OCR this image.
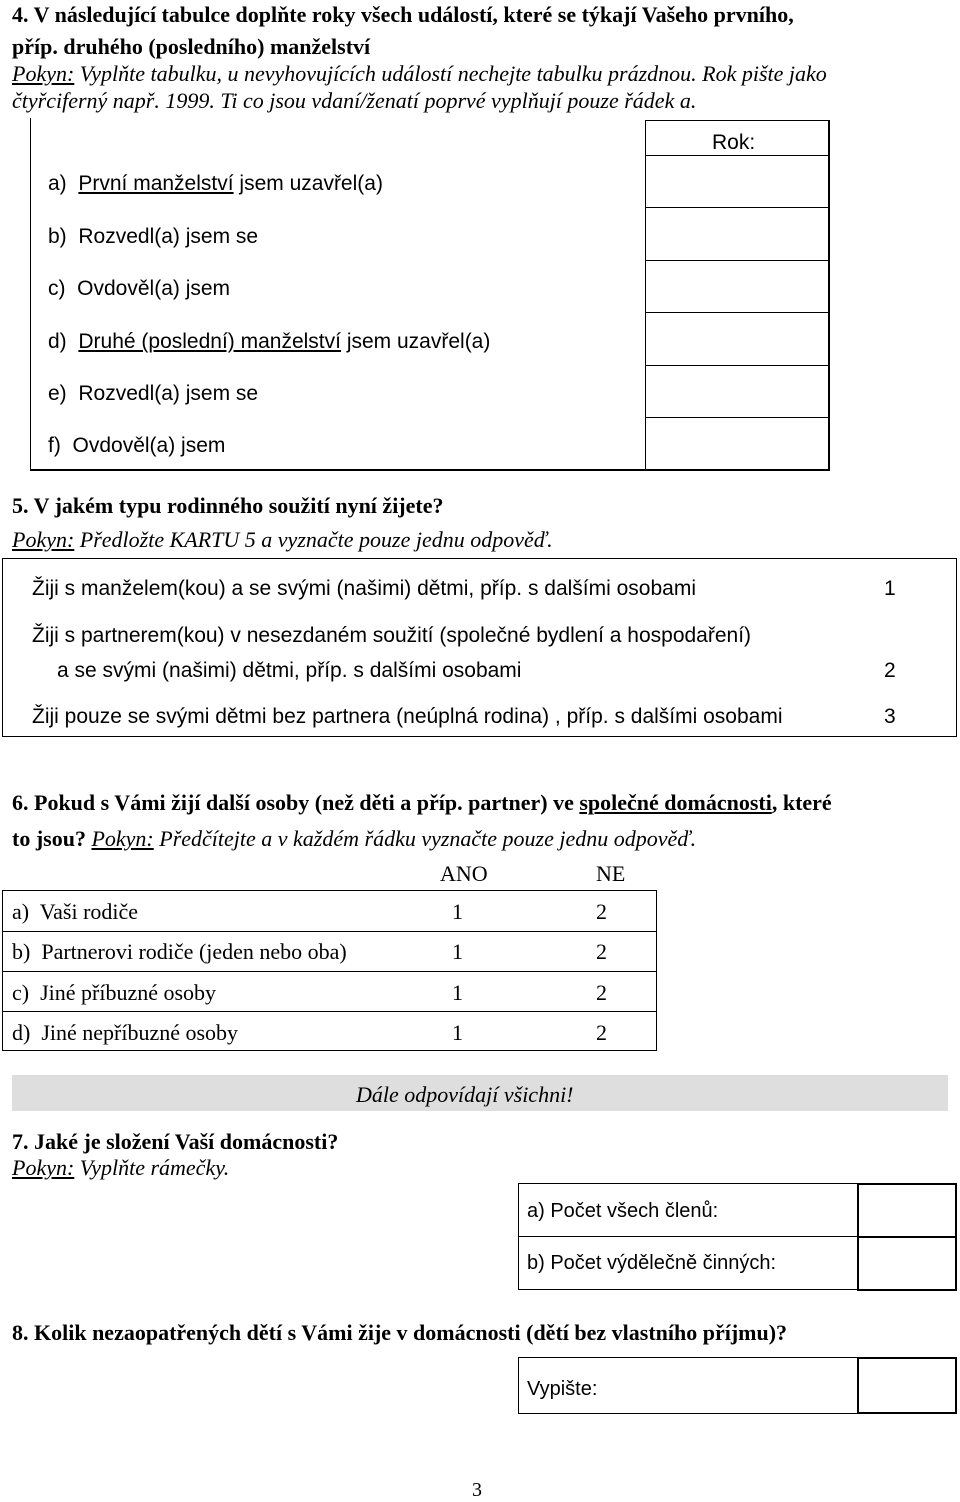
4. V následující tabulce doplňte roky všech událostí, které se týkají Vašeho prvního,
příp. druhého (posledního) manželství
Pokyn: Vyplňte tabulku, u nevyhovujících událostí nechejte tabulku prázdnou. Rok pište jako
čtyřciferný např. 1999. Ti co jsou vdaní/ženatí poprvé vyplňují pouze řádek a.
Rok:
a) První manželství jsem uzavřel(a)
b) Rozvedl(a) jsem se
c) Ovdověl(a) jsem
d) Druhé (poslední) manželství jsem uzavřel(a)
e) Rozvedl(a) jsem se
f) Ovdověl(a) jsem
5. V jakém typu rodinného soužití nyní žijete?
Pokyn: Předložte KARTU 5 a vyznačte pouze jednu odpověď.
Žiji s manželem(kou) a se svými (našimi) dětmi, příp. s dalšími osobami	1
Žiji s partnerem(kou) v nesezdaném soužití (společné bydlení a hospodaření)
a se svými (našimi) dětmi, příp. s dalšími osobami	2
Žiji pouze se svými dětmi bez partnera (neúplná rodina) , příp. s dalšími osobami	3
6. Pokud s Vámi žijí další osoby (než děti a příp. partner) ve společné domácnosti, které
to jsou? Pokyn: Předčítejte a v každém řádku vyznačte pouze jednu odpověď.
ANO	NE
a) Vaši rodiče	1	2
b) Partnerovi rodiče (jeden nebo oba)	1	2
c) Jiné příbuzné osoby	1	2
d) Jiné nepříbuzné osoby	1	2
Dále odpovídají všichni!
7. Jaké je složení Vaší domácnosti?
Pokyn: Vyplňte rámečky.
a) Počet všech členů:
b) Počet výdělečně činných:
8. Kolik nezaopatřených dětí s Vámi žije v domácnosti (dětí bez vlastního příjmu)?
Vypište:
3
